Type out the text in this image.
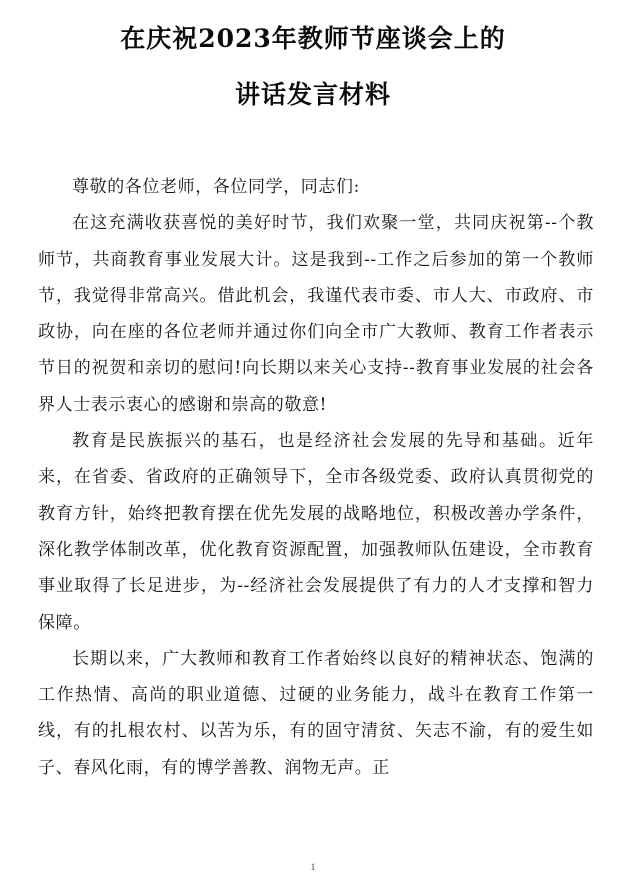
在庆祝2023年教师节座谈会上的
讲话发言材料

尊敬的各位老师，各位同学，同志们:

在这充满收获喜悦的美好时节，我们欢聚一堂，共同庆祝第--个教师节，共商教育事业发展大计。这是我到--工作之后参加的第一个教师节，我觉得非常高兴。借此机会，我谨代表市委、市人大、市政府、市政协，向在座的各位老师并通过你们向全市广大教师、教育工作者表示节日的祝贺和亲切的慰问!向长期以来关心支持--教育事业发展的社会各界人士表示衷心的感谢和崇高的敬意!

教育是民族振兴的基石，也是经济社会发展的先导和基础。近年来，在省委、省政府的正确领导下，全市各级党委、政府认真贯彻党的教育方针，始终把教育摆在优先发展的战略地位，积极改善办学条件，深化教学体制改革，优化教育资源配置，加强教师队伍建设，全市教育事业取得了长足进步，为--经济社会发展提供了有力的人才支撑和智力保障。

长期以来，广大教师和教育工作者始终以良好的精神状态、饱满的工作热情、高尚的职业道德、过硬的业务能力，战斗在教育工作第一线，有的扎根农村、以苦为乐，有的固守清贫、矢志不渝，有的爱生如子、春风化雨，有的博学善教、润物无声。正

1
